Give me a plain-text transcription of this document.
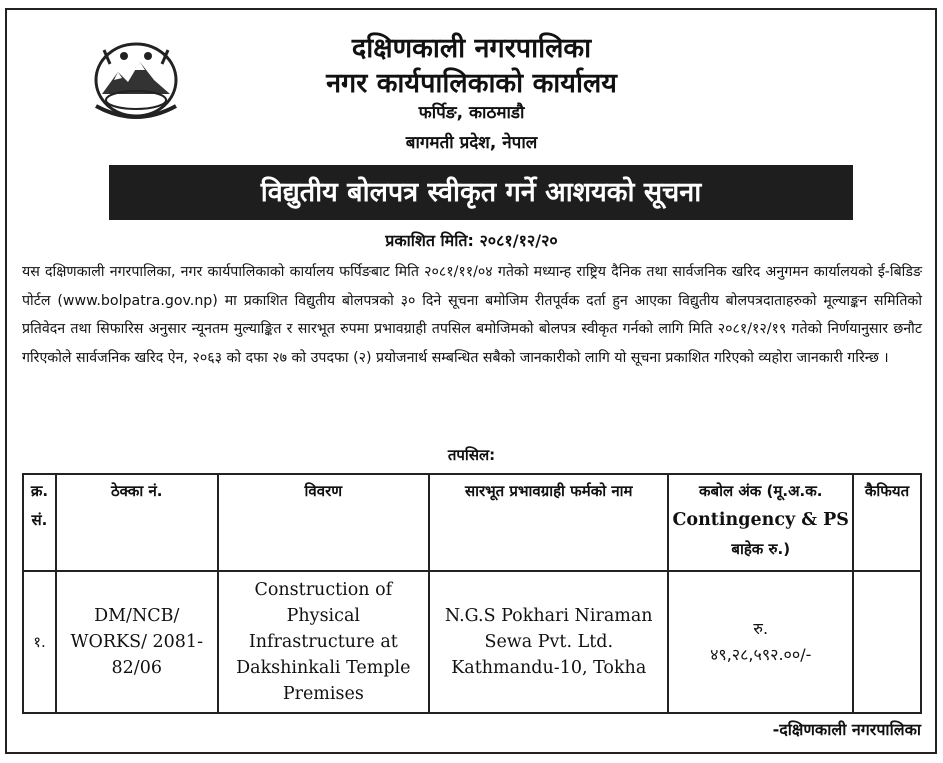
दक्षिणकाली नगरपालिका
नगर कार्यपालिकाको कार्यालय
फर्पिङ, काठमाडौ
बागमती प्रदेश, नेपाल
विद्युतीय बोलपत्र स्वीकृत गर्ने आशयको सूचना
प्रकाशित मिति: २०८१/१२/२०
यस दक्षिणकाली नगरपालिका, नगर कार्यपालिकाको कार्यालय फर्पिङबाट मिति २०८१/११/०४ गतेको मध्यान्ह राष्ट्रिय दैनिक तथा सार्वजनिक खरिद अनुगमन कार्यालयको ई-बिडिङ पोर्टल (www.bolpatra.gov.np) मा प्रकाशित विद्युतीय बोलपत्रको ३० दिने सूचना बमोजिम रीतपूर्वक दर्ता हुन आएका विद्युतीय बोलपत्रदाताहरुको मूल्याङ्कन समितिको प्रतिवेदन तथा सिफारिस अनुसार न्यूनतम मुल्याङ्कित र सारभूत रुपमा प्रभावग्राही तपसिल बमोजिमको बोलपत्र स्वीकृत गर्नको लागि मिति २०८१/१२/१९ गतेको निर्णयानुसार छनौट गरिएकोले सार्वजनिक खरिद ऐन, २०६३ को दफा २७ को उपदफा (२) प्रयोजनार्थ सम्बन्धित सबैको जानकारीको लागि यो सूचना प्रकाशित गरिएको व्यहोरा जानकारी गरिन्छ ।
तपसिल:
क्र. सं.	ठेक्का नं.	विवरण	सारभूत प्रभावग्राही फर्मको नाम	कबोल अंक (मू.अ.क.
Contingency & PS
बाहेक रु.)	कैफियत
१.	DM/NCB/ WORKS/ 2081-82/06	Construction of Physical Infrastructure at Dakshinkali Temple Premises	N.G.S Pokhari Niraman Sewa Pvt. Ltd. Kathmandu-10, Tokha	रु.
४९,२८,५९२.००/-	

-दक्षिणकाली नगरपालिका
